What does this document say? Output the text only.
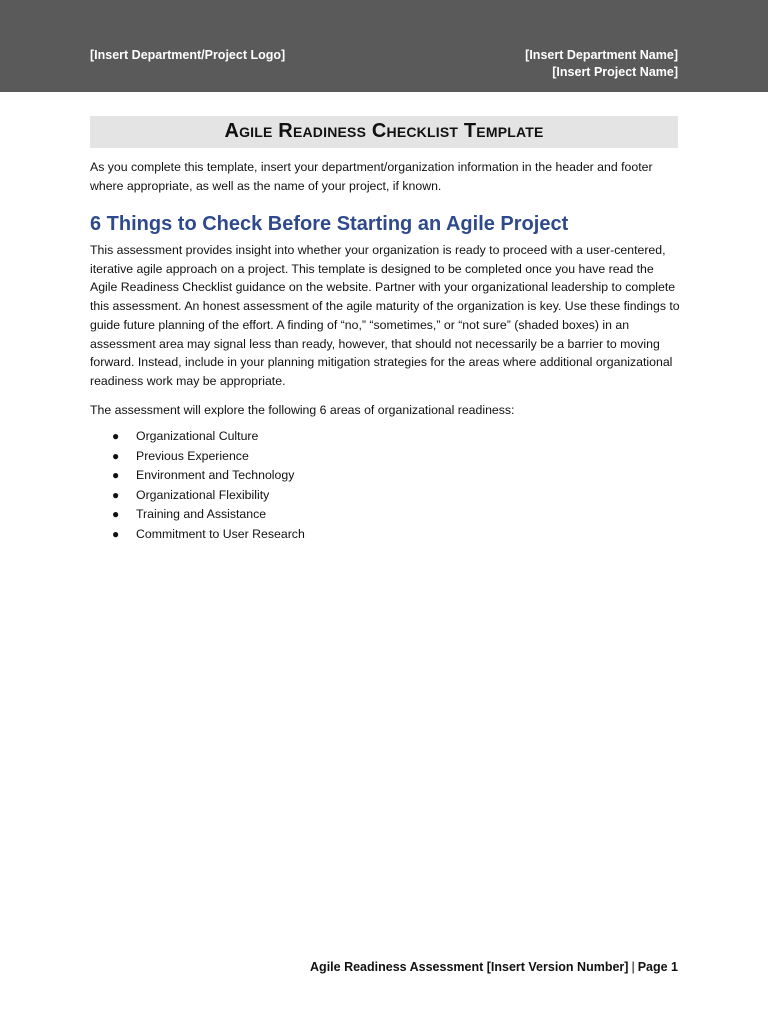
[Insert Department/Project Logo]	[Insert Department Name]
[Insert Project Name]
Agile Readiness Checklist Template

As you complete this template, insert your department/organization information in the header and footer where appropriate, as well as the name of your project, if known.

6 Things to Check Before Starting an Agile Project

This assessment provides insight into whether your organization is ready to proceed with a user-centered, iterative agile approach on a project. This template is designed to be completed once you have read the Agile Readiness Checklist guidance on the website. Partner with your organizational leadership to complete this assessment. An honest assessment of the agile maturity of the organization is key. Use these findings to guide future planning of the effort. A finding of “no,” “sometimes,” or “not sure” (shaded boxes) in an assessment area may signal less than ready, however, that should not necessarily be a barrier to moving forward. Instead, include in your planning mitigation strategies for the areas where additional organizational readiness work may be appropriate.

The assessment will explore the following 6 areas of organizational readiness:

● Organizational Culture
● Previous Experience
● Environment and Technology
● Organizational Flexibility
● Training and Assistance
● Commitment to User Research
Agile Readiness Assessment [Insert Version Number] | Page 1
